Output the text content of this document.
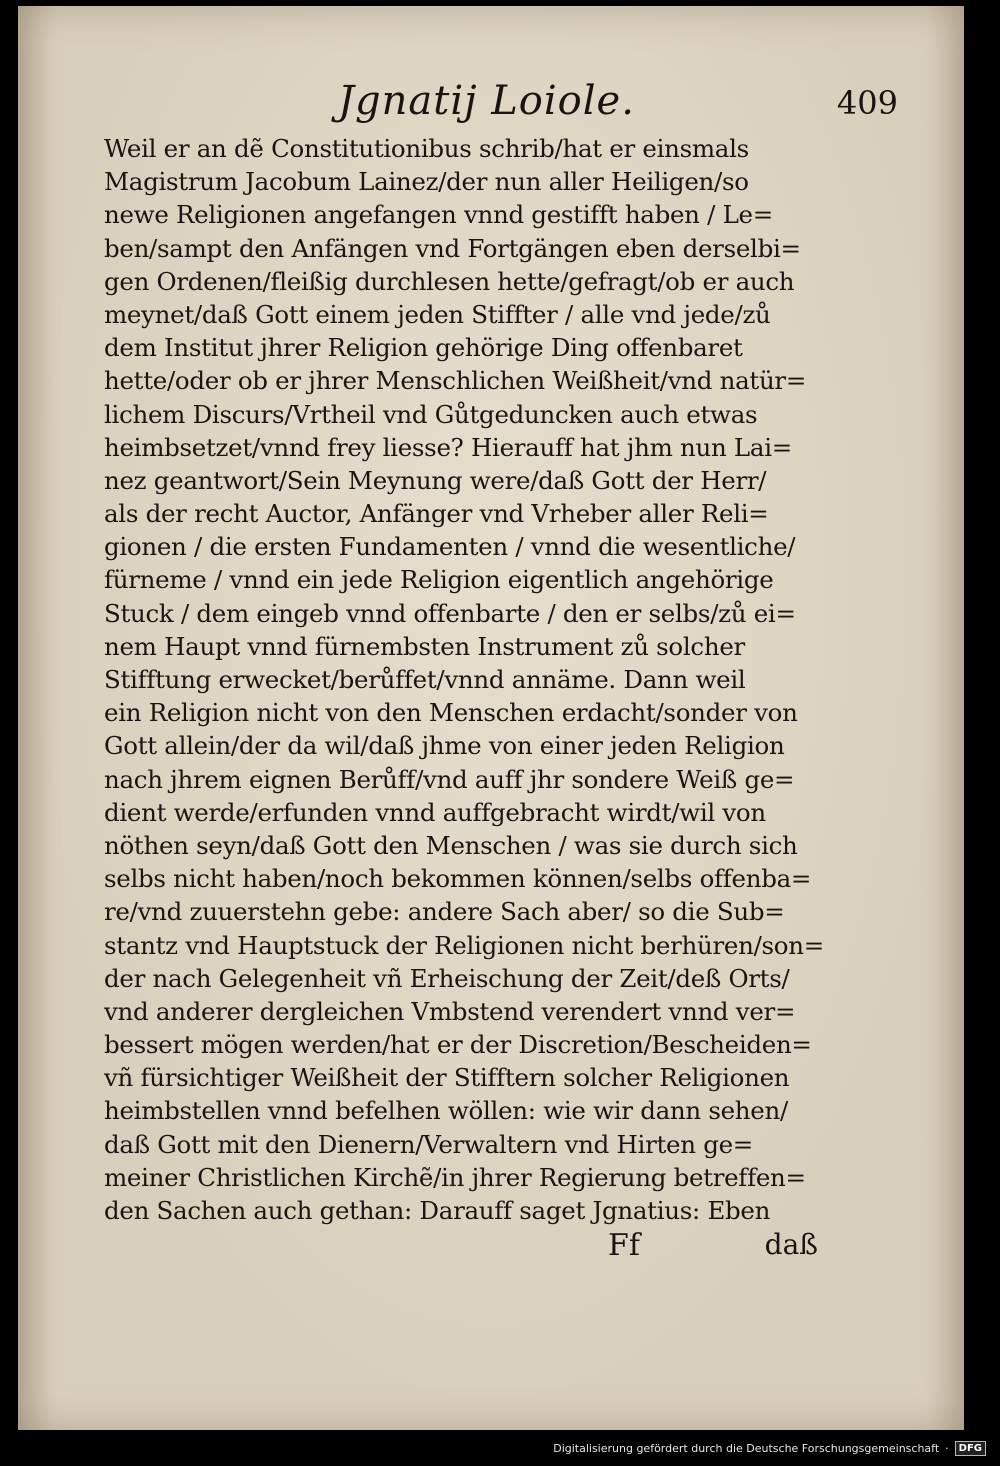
Jgnatij Loiole.	409
Weil er an dẽ Constitutionibus schrib/hat er einsmals
Magistrum Jacobum Lainez/der nun aller Heiligen/so
newe Religionen angefangen vnnd gestifft haben / Le=
ben/sampt den Anfängen vnd Fortgängen eben derselbi=
gen Ordenen/fleißig durchlesen hette/gefragt/ob er auch
meynet/daß Gott einem jeden Stiffter / alle vnd jede/zů
dem Institut jhrer Religion gehörige Ding offenbaret
hette/oder ob er jhrer Menschlichen Weißheit/vnd natür=
lichem Discurs/Vrtheil vnd Gůtgeduncken auch etwas
heimbsetzet/vnnd frey liesse? Hierauff hat jhm nun Lai=
nez geantwort/Sein Meynung were/daß Gott der Herr/
als der recht Auctor, Anfänger vnd Vrheber aller Reli=
gionen / die ersten Fundamenten / vnnd die wesentliche/
fürneme / vnnd ein jede Religion eigentlich angehörige
Stuck / dem eingeb vnnd offenbarte / den er selbs/zů ei=
nem Haupt vnnd fürnembsten Instrument zů solcher
Stifftung erwecket/berůffet/vnnd annäme. Dann weil
ein Religion nicht von den Menschen erdacht/sonder von
Gott allein/der da wil/daß jhme von einer jeden Religion
nach jhrem eignen Berůff/vnd auff jhr sondere Weiß ge=
dient werde/erfunden vnnd auffgebracht wirdt/wil von
nöthen seyn/daß Gott den Menschen / was sie durch sich
selbs nicht haben/noch bekommen können/selbs offenba=
re/vnd zuuerstehn gebe: andere Sach aber/ so die Sub=
stantz vnd Hauptstuck der Religionen nicht berhüren/son=
der nach Gelegenheit vñ Erheischung der Zeit/deß Orts/
vnd anderer dergleichen Vmbstend verendert vnnd ver=
bessert mögen werden/hat er der Discretion/Bescheiden=
vñ fürsichtiger Weißheit der Stifftern solcher Religionen
heimbstellen vnnd befelhen wöllen: wie wir dann sehen/
daß Gott mit den Dienern/Verwaltern vnd Hirten ge=
meiner Christlichen Kirchẽ/in jhrer Regierung betreffen=
den Sachen auch gethan: Darauff saget Jgnatius: Eben
Ff	daß
Digitalisierung gefördert durch die Deutsche Forschungsgemeinschaft ·	DFG
